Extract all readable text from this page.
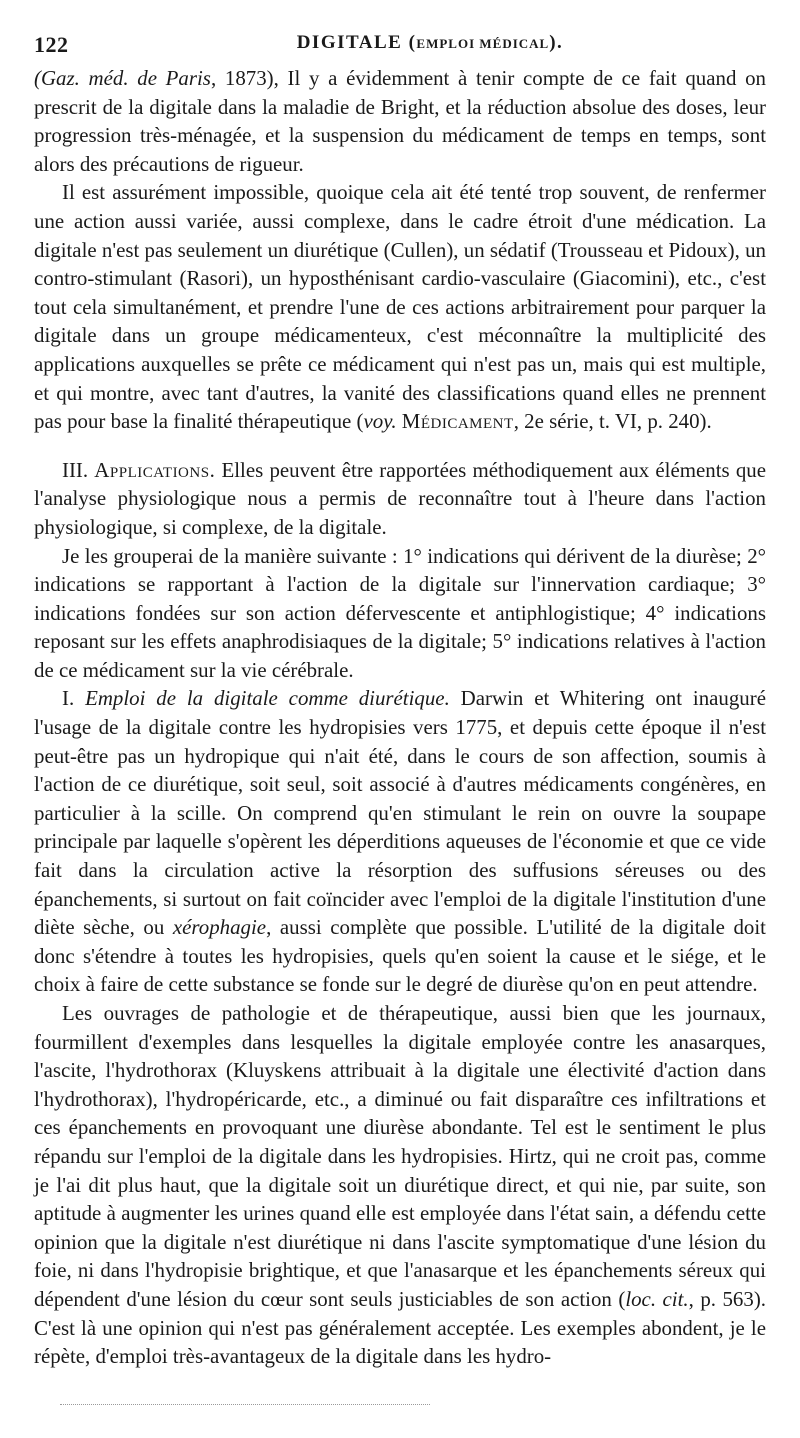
122	DIGITALE (EMPLOI MÉDICAL).

(Gaz. méd. de Paris, 1873), Il y a évidemment à tenir compte de ce fait quand on prescrit de la digitale dans la maladie de Bright, et la réduction absolue des doses, leur progression très-ménagée, et la suspension du médicament de temps en temps, sont alors des précautions de rigueur.

Il est assurément impossible, quoique cela ait été tenté trop souvent, de renfermer une action aussi variée, aussi complexe, dans le cadre étroit d'une médication. La digitale n'est pas seulement un diurétique (Cullen), un sédatif (Trousseau et Pidoux), un contro-stimulant (Rasori), un hyposthénisant cardio-vasculaire (Giacomini), etc., c'est tout cela simultanément, et prendre l'une de ces actions arbitrairement pour parquer la digitale dans un groupe médicamenteux, c'est méconnaître la multiplicité des applications auxquelles se prête ce médicament qui n'est pas un, mais qui est multiple, et qui montre, avec tant d'autres, la vanité des classifications quand elles ne prennent pas pour base la finalité thérapeutique (voy. Médicament, 2e série, t. VI, p. 240).

III. Applications. Elles peuvent être rapportées méthodiquement aux éléments que l'analyse physiologique nous a permis de reconnaître tout à l'heure dans l'action physiologique, si complexe, de la digitale.

Je les grouperai de la manière suivante : 1° indications qui dérivent de la diurèse; 2° indications se rapportant à l'action de la digitale sur l'innervation cardiaque; 3° indications fondées sur son action défervescente et antiphlogistique; 4° indications reposant sur les effets anaphrodisiaques de la digitale; 5° indications relatives à l'action de ce médicament sur la vie cérébrale.

I. Emploi de la digitale comme diurétique. Darwin et Whitering ont inauguré l'usage de la digitale contre les hydropisies vers 1775, et depuis cette époque il n'est peut-être pas un hydropique qui n'ait été, dans le cours de son affection, soumis à l'action de ce diurétique, soit seul, soit associé à d'autres médicaments congénères, en particulier à la scille. On comprend qu'en stimulant le rein on ouvre la soupape principale par laquelle s'opèrent les déperditions aqueuses de l'économie et que ce vide fait dans la circulation active la résorption des suffusions séreuses ou des épanchements, si surtout on fait coïncider avec l'emploi de la digitale l'institution d'une diète sèche, ou xérophagie, aussi complète que possible. L'utilité de la digitale doit donc s'étendre à toutes les hydropisies, quels qu'en soient la cause et le siége, et le choix à faire de cette substance se fonde sur le degré de diurèse qu'on en peut attendre.

Les ouvrages de pathologie et de thérapeutique, aussi bien que les journaux, fourmillent d'exemples dans lesquelles la digitale employée contre les anasarques, l'ascite, l'hydrothorax (Kluyskens attribuait à la digitale une électivité d'action dans l'hydrothorax), l'hydropéricarde, etc., a diminué ou fait disparaître ces infiltrations et ces épanchements en provoquant une diurèse abondante. Tel est le sentiment le plus répandu sur l'emploi de la digitale dans les hydropisies. Hirtz, qui ne croit pas, comme je l'ai dit plus haut, que la digitale soit un diurétique direct, et qui nie, par suite, son aptitude à augmenter les urines quand elle est employée dans l'état sain, a défendu cette opinion que la digitale n'est diurétique ni dans l'ascite symptomatique d'une lésion du foie, ni dans l'hydropisie brightique, et que l'anasarque et les épanchements séreux qui dépendent d'une lésion du cœur sont seuls justiciables de son action (loc. cit., p. 563). C'est là une opinion qui n'est pas généralement acceptée. Les exemples abondent, je le répète, d'emploi très-avantageux de la digitale dans les hydro-
